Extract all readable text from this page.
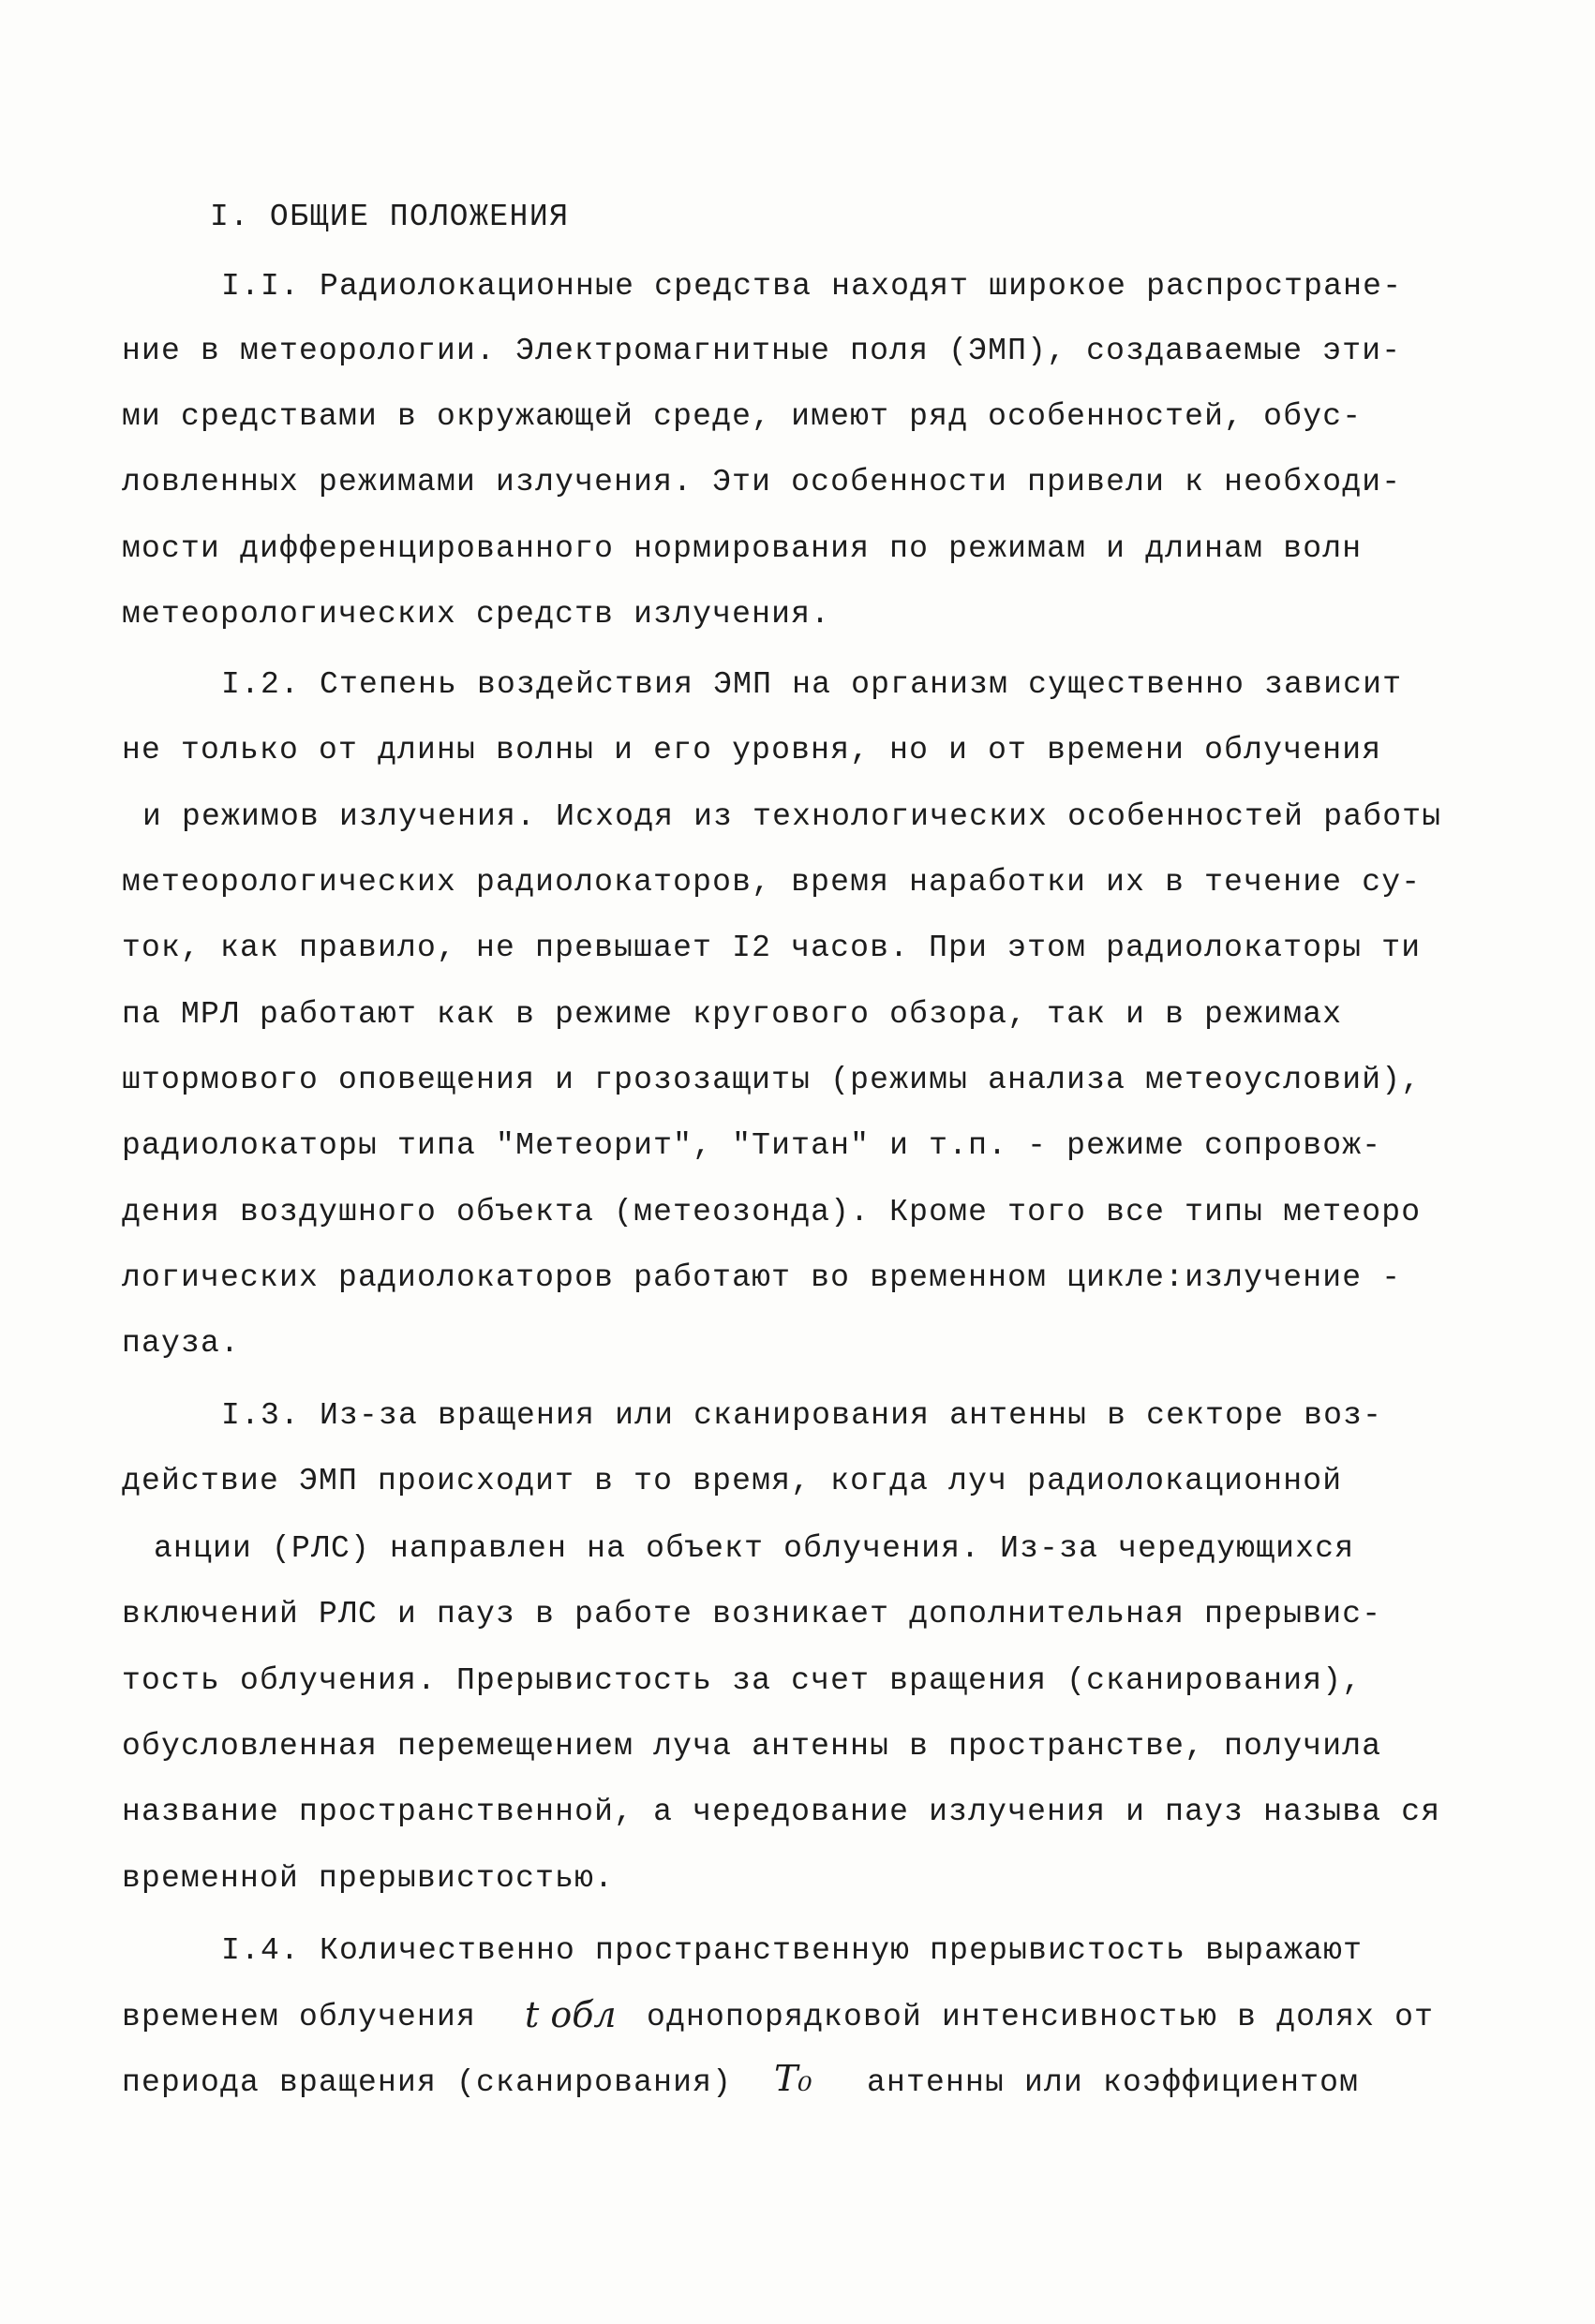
I. ОБЩИЕ ПОЛОЖЕНИЯ
I.I. Радиолокационные средства находят широкое распростране-
ние в метеорологии. Электромагнитные поля (ЭМП), создаваемые эти-
ми средствами в окружающей среде, имеют ряд особенностей, обус-
ловленных режимами излучения. Эти особенности привели к необходи-
мости дифференцированного нормирования по режимам и длинам волн
метеорологических средств излучения.
I.2. Степень воздействия ЭМП на организм существенно зависит
не только от длины волны и его уровня, но и от времени облучения
и режимов излучения. Исходя из технологических особенностей работы
метеорологических радиолокаторов, время наработки их в течение су-
ток, как правило, не превышает I2 часов. При этом радиолокаторы ти
па МРЛ работают как в режиме кругового обзора, так и в режимах
штормового оповещения и грозозащиты (режимы анализа метеоусловий),
радиолокаторы типа "Метеорит", "Титан" и т.п. - режиме сопровож-
дения воздушного объекта (метеозонда). Кроме того все типы метеоро
логических радиолокаторов работают во временном цикле:излучение -
пауза.
I.3. Из-за вращения или сканирования антенны в секторе воз-
действие ЭМП происходит в то время, когда луч радиолокационной
анции (РЛС) направлен на объект облучения. Из-за чередующихся
включений РЛС и пауз в работе возникает дополнительная прерывис-
тость облучения. Прерывистость за счет вращения (сканирования),
обусловленная перемещением луча антенны в пространстве, получила
название пространственной, а чередование излучения и пауз называ ся
временной прерывистостью.
I.4. Количественно пространственную прерывистость выражают
временем облучения t обл однопорядковой интенсивностью в долях от
периода вращения (сканирования) T₀ антенны или коэффициентом
